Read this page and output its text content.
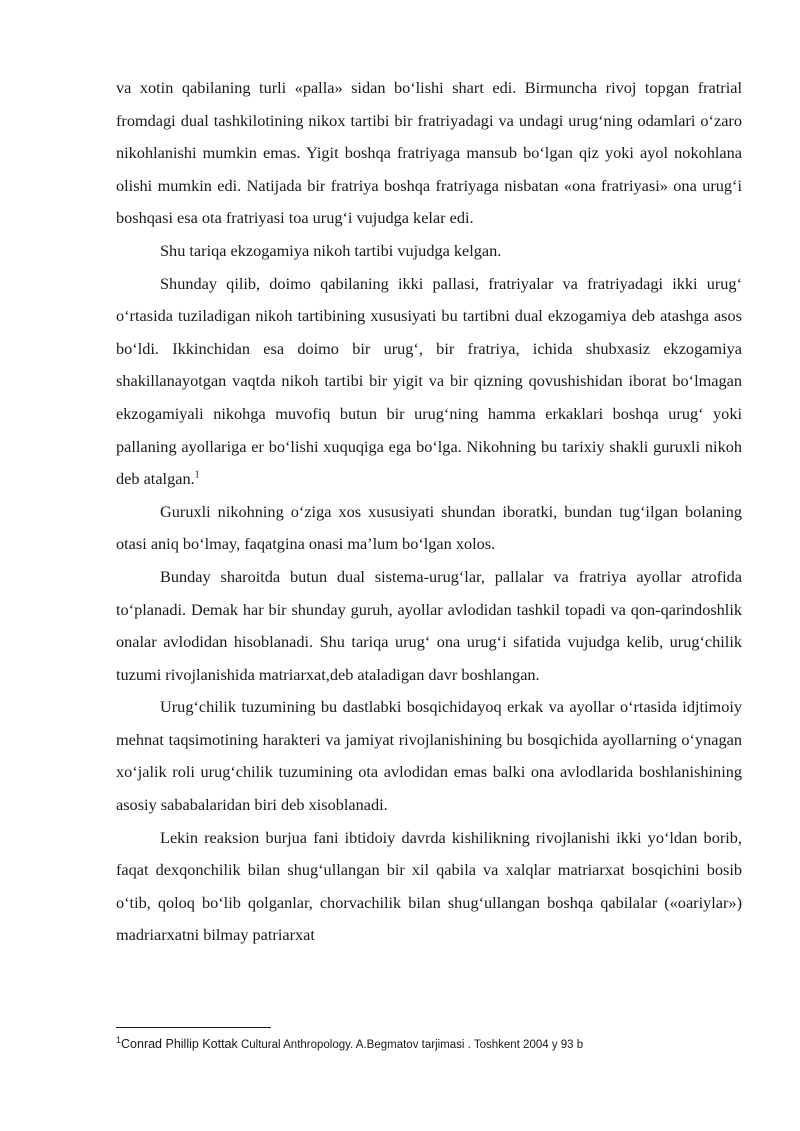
va xotin qabilaning turli «palla» sidan bo‘lishi shart edi. Birmuncha rivoj topgan fratrial fromdagi dual tashkilotining nikox tartibi bir fratriyadagi va undagi urug‘ning odamlari o‘zaro nikohlanishi mumkin emas. Yigit boshqa fratriyaga mansub bo‘lgan qiz yoki ayol nokohlana olishi mumkin edi. Natijada bir fratriya boshqa fratriyaga nisbatan «ona fratriyasi» ona urug‘i boshqasi esa ota fratriyasi toa urug‘i vujudga kelar edi.

Shu tariqa ekzogamiya nikoh tartibi vujudga kelgan.

Shunday qilib, doimo qabilaning ikki pallasi, fratriyalar va fratriyadagi ikki urug‘ o‘rtasida tuziladigan nikoh tartibining xususiyati bu tartibni dual ekzogamiya deb atashga asos bo‘ldi. Ikkinchidan esa doimo bir urug‘, bir fratriya, ichida shubxasiz ekzogamiya shakillanayotgan vaqtda nikoh tartibi bir yigit va bir qizning qovushishidan iborat bo‘lmagan ekzogamiyali nikohga muvofiq butun bir urug‘ning hamma erkaklari boshqa urug‘ yoki pallaning ayollariga er bo‘lishi xuquqiga ega bo‘lga. Nikohning bu tarixiy shakli guruxli nikoh deb atalgan.$^1$

Guruxli nikohning o‘ziga xos xususiyati shundan iboratki, bundan tug‘ilgan bolaning otasi aniq bo‘lmay, faqatgina onasi ma’lum bo‘lgan xolos.

Bunday sharoitda butun dual sistema-urug‘lar, pallalar va fratriya ayollar atrofida to‘planadi. Demak har bir shunday guruh, ayollar avlodidan tashkil topadi va qon-qarindoshlik onalar avlodidan hisoblanadi. Shu tariqa urug‘ ona urug‘i sifatida vujudga kelib, urug‘chilik tuzumi rivojlanishida matriarxat,deb ataladigan davr boshlangan.

Urug‘chilik tuzumining bu dastlabki bosqichidayoq erkak va ayollar o‘rtasida idjtimoiy mehnat taqsimotining harakteri va jamiyat rivojlanishining bu bosqichida ayollarning o‘ynagan xo‘jalik roli urug‘chilik tuzumining ota avlodidan emas balki ona avlodlarida boshlanishining asosiy sababalaridan biri deb xisoblanadi.

Lekin reaksion burjua fani ibtidoiy davrda kishilikning rivojlanishi ikki yo‘ldan borib, faqat dexqonchilik bilan shug‘ullangan bir xil qabila va xalqlar matriarxat bosqichini bosib o‘tib, qoloq bo‘lib qolganlar, chorvachilik bilan shug‘ullangan boshqa qabilalar («oariylar») madriarxatni bilmay patriarxat

$^1$Conrad Phillip Kottak Cultural Anthropology. A.Begmatov tarjimasi . Toshkent 2004 y 93 b
